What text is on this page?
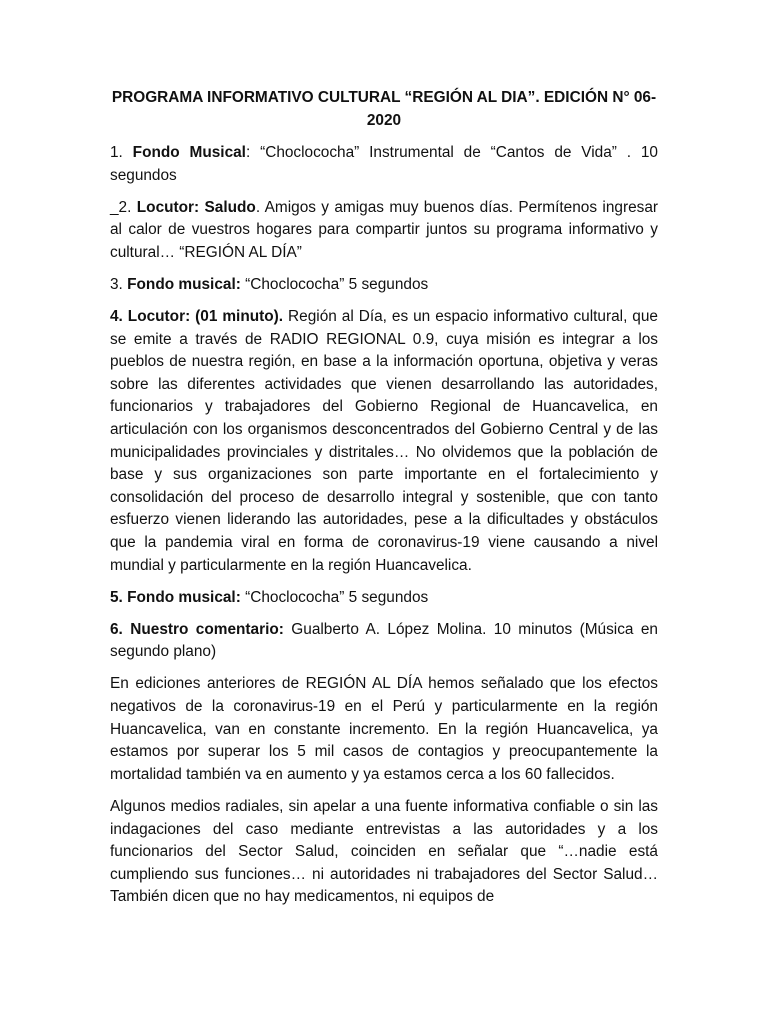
PROGRAMA INFORMATIVO CULTURAL “REGIÓN AL DIA”. EDICIÓN N° 06-2020

1. Fondo Musical: “Choclococha” Instrumental de “Cantos de Vida” . 10 segundos

_2. Locutor: Saludo. Amigos y amigas muy buenos días. Permítenos ingresar al calor de vuestros hogares para compartir juntos su programa informativo y cultural… “REGIÓN AL DÍA”

3. Fondo musical: “Choclococha” 5 segundos

4. Locutor: (01 minuto). Región al Día, es un espacio informativo cultural, que se emite a través de RADIO REGIONAL 0.9, cuya misión es integrar a los pueblos de nuestra región, en base a la información oportuna, objetiva y veras sobre las diferentes actividades que vienen desarrollando las autoridades, funcionarios y trabajadores del Gobierno Regional de Huancavelica, en articulación con los organismos desconcentrados del Gobierno Central y de las municipalidades provinciales y distritales… No olvidemos que la población de base y sus organizaciones son parte importante en el fortalecimiento y consolidación del proceso de desarrollo integral y sostenible, que con tanto esfuerzo vienen liderando las autoridades, pese a la dificultades y obstáculos que la pandemia viral en forma de coronavirus-19 viene causando a nivel mundial y particularmente en la región Huancavelica.

5. Fondo musical: “Choclococha” 5 segundos

6. Nuestro comentario: Gualberto A. López Molina. 10 minutos (Música en segundo plano)

En ediciones anteriores de REGIÓN AL DÍA hemos señalado que los efectos negativos de la coronavirus-19 en el Perú y particularmente en la región Huancavelica, van en constante incremento. En la región Huancavelica, ya estamos por superar los 5 mil casos de contagios y preocupantemente la mortalidad también va en aumento y ya estamos cerca a los 60 fallecidos.

Algunos medios radiales, sin apelar a una fuente informativa confiable o sin las indagaciones del caso mediante entrevistas a las autoridades y a los funcionarios del Sector Salud, coinciden en señalar que “…nadie está cumpliendo sus funciones… ni autoridades ni trabajadores del Sector Salud… También dicen que no hay medicamentos, ni equipos de
